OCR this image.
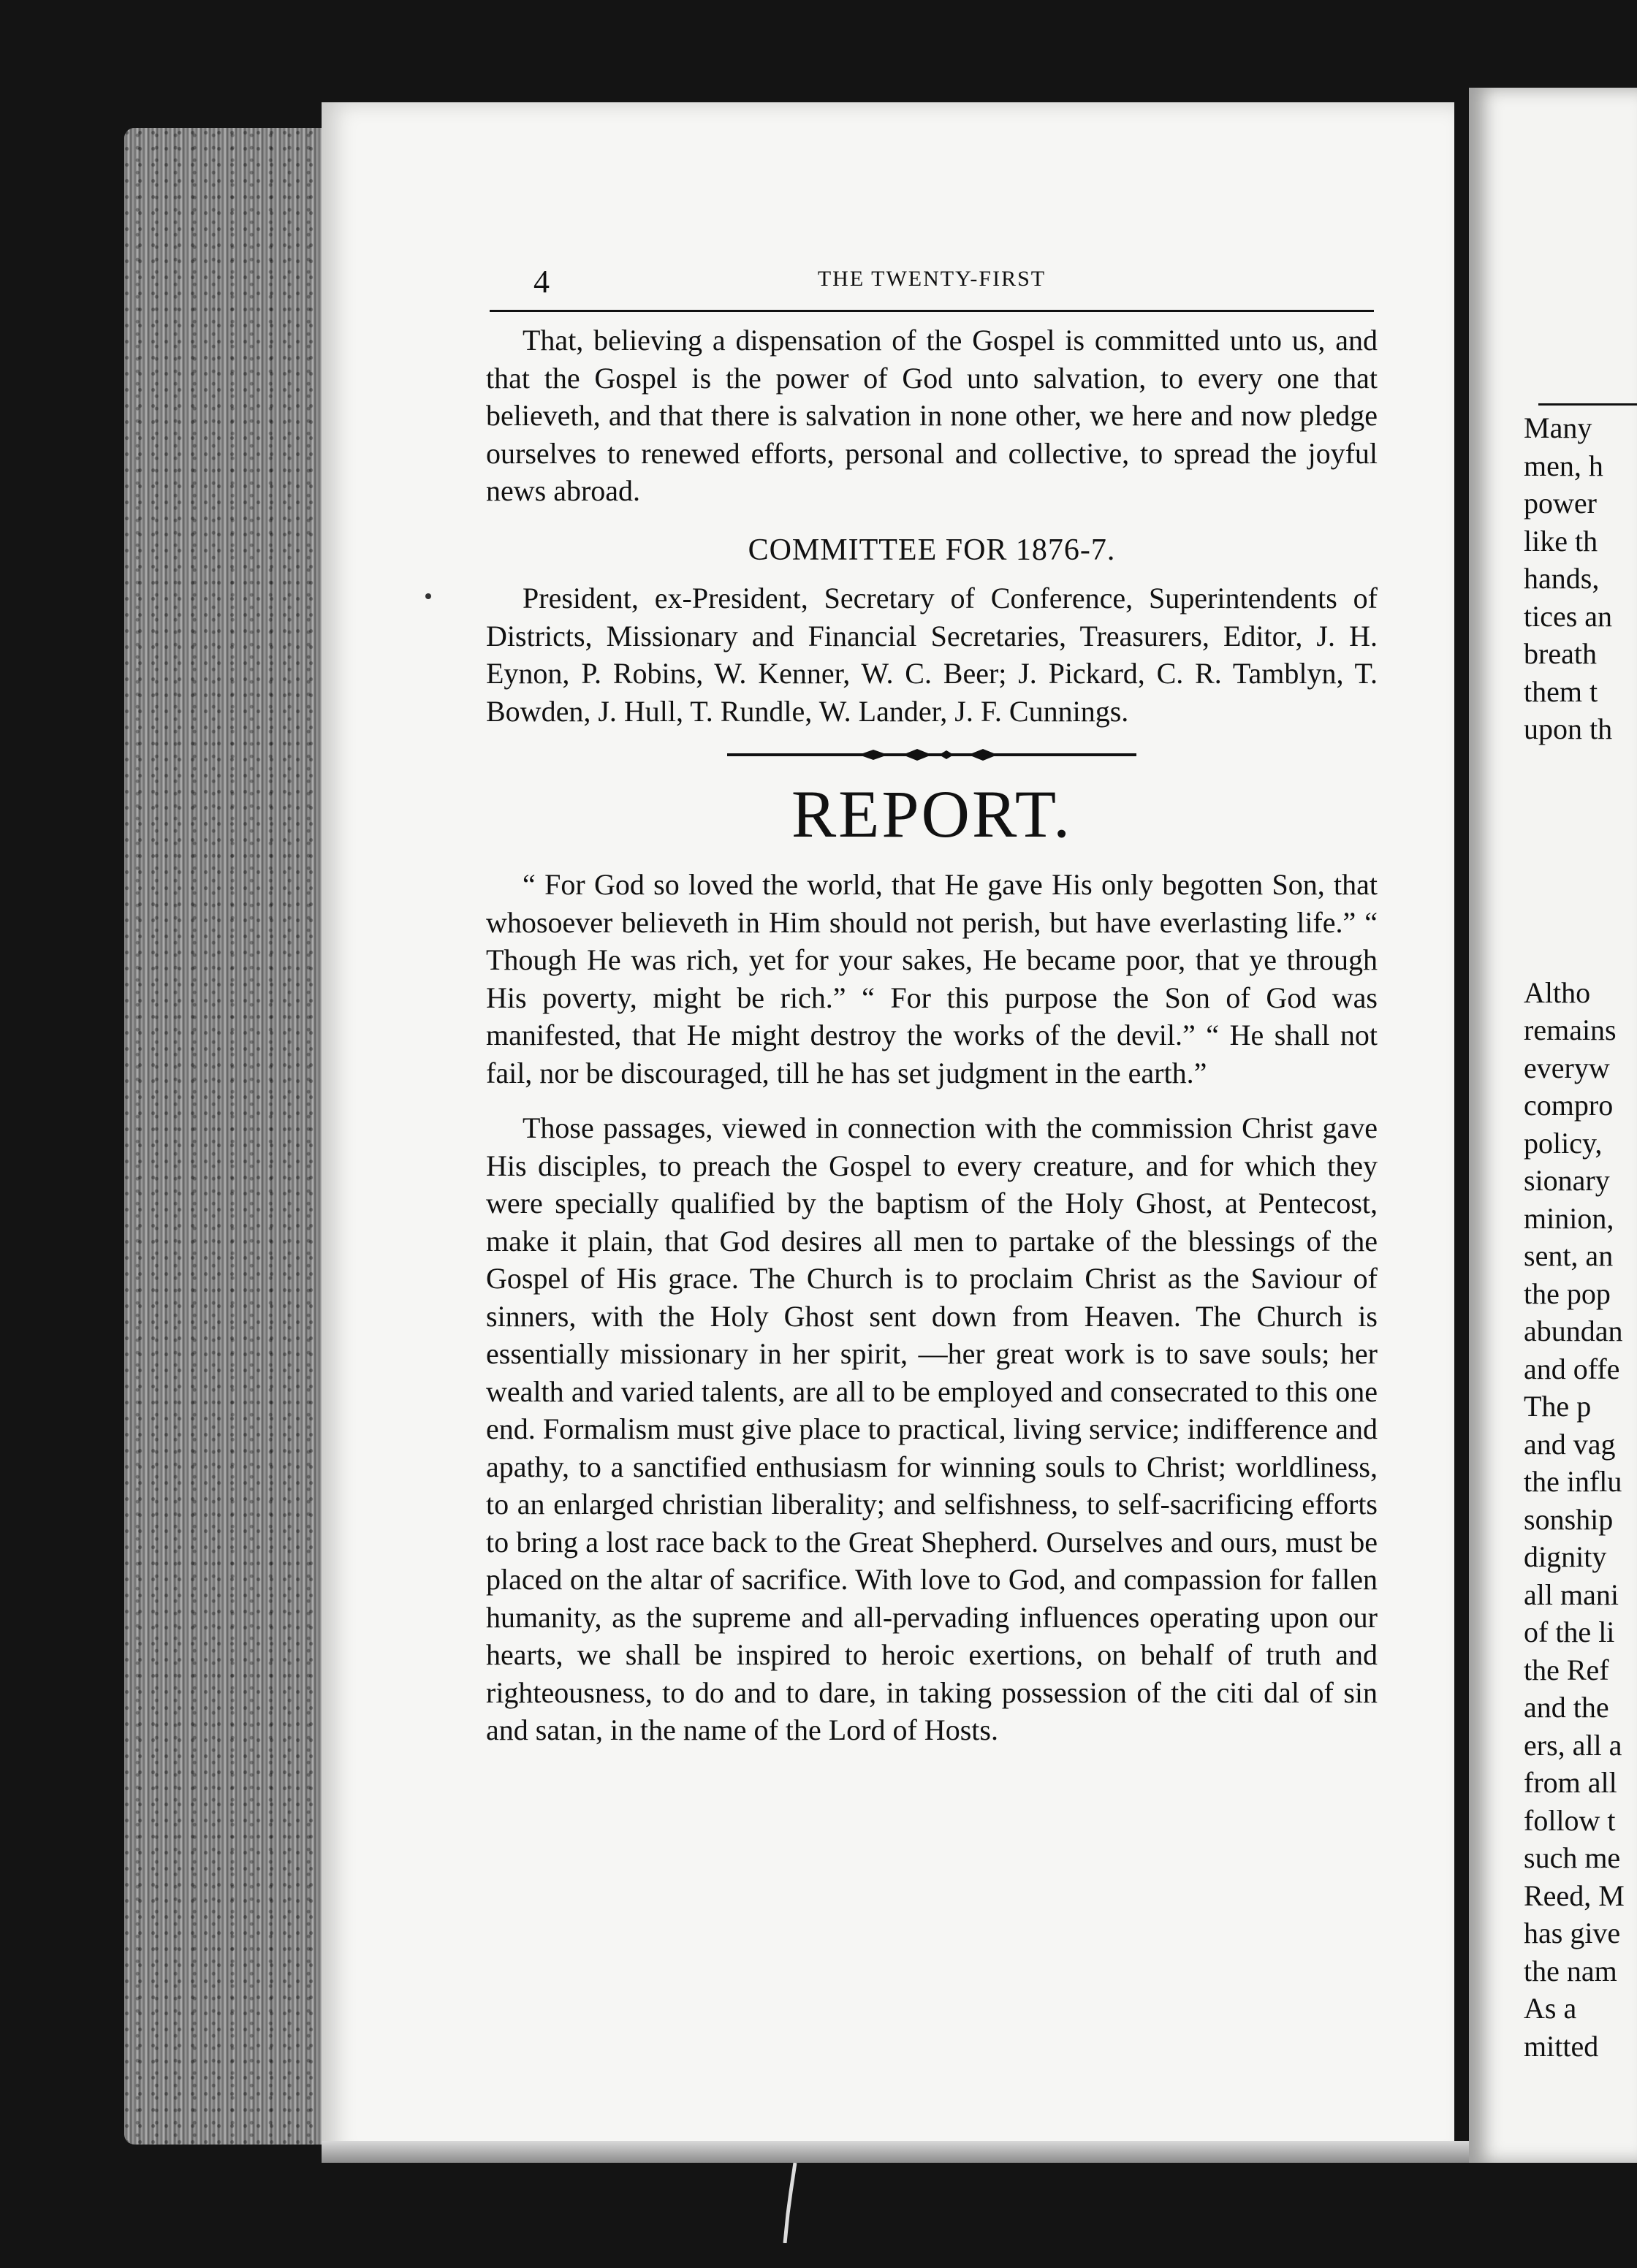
Many
men, h
power
like th
hands,
tices an
breath
them t
upon th
Altho
remains
everyw
compro
policy,
sionary
minion,
sent, an
the pop
abundan
and offe
The p
and vag
the influ
sonship
dignity
all mani
of the li
the Ref
and the
ers, all a
from all
follow t
such me
Reed, M
has give
the nam
As a
mitted
4	THE TWENTY-FIRST

That, believing a dispensation of the Gospel is committed unto us, and that the Gospel is the power of God unto salvation, to every one that believeth, and that there is salvation in none other, we here and now pledge ourselves to renewed efforts, personal and collective, to spread the joyful news abroad.

COMMITTEE FOR 1876-7.

President, ex-President, Secretary of Conference, Superintendents of Districts, Missionary and Financial Secretaries, Treasurers, Editor, J. H. Eynon, P. Robins, W. Kenner, W. C. Beer; J. Pickard, C. R. Tamblyn, T. Bowden, J. Hull, T. Rundle, W. Lander, J. F. Cunnings.

REPORT.

“ For God so loved the world, that He gave His only begotten Son, that whosoever believeth in Him should not perish, but have everlasting life.” “ Though He was rich, yet for your sakes, He became poor, that ye through His poverty, might be rich.” “ For this purpose the Son of God was manifested, that He might destroy the works of the devil.” “ He shall not fail, nor be discouraged, till he has set judgment in the earth.”

Those passages, viewed in connection with the commission Christ gave His disciples, to preach the Gospel to every creature, and for which they were specially qualified by the baptism of the Holy Ghost, at Pentecost, make it plain, that God desires all men to partake of the blessings of the Gospel of His grace. The Church is to proclaim Christ as the Saviour of sinners, with the Holy Ghost sent down from Heaven. The Church is essentially missionary in her spirit, —her great work is to save souls; her wealth and varied talents, are all to be employed and consecrated to this one end. Formalism must give place to practical, living service; indifference and apathy, to a sanctified enthusiasm for winning souls to Christ; worldliness, to an enlarged christian liberality; and selfishness, to self-sacrificing efforts to bring a lost race back to the Great Shepherd. Ourselves and ours, must be placed on the altar of sacrifice. With love to God, and compassion for fallen humanity, as the supreme and all-pervading influences operating upon our hearts, we shall be inspired to heroic exertions, on behalf of truth and righteousness, to do and to dare, in taking possession of the citi dal of sin and satan, in the name of the Lord of Hosts.
